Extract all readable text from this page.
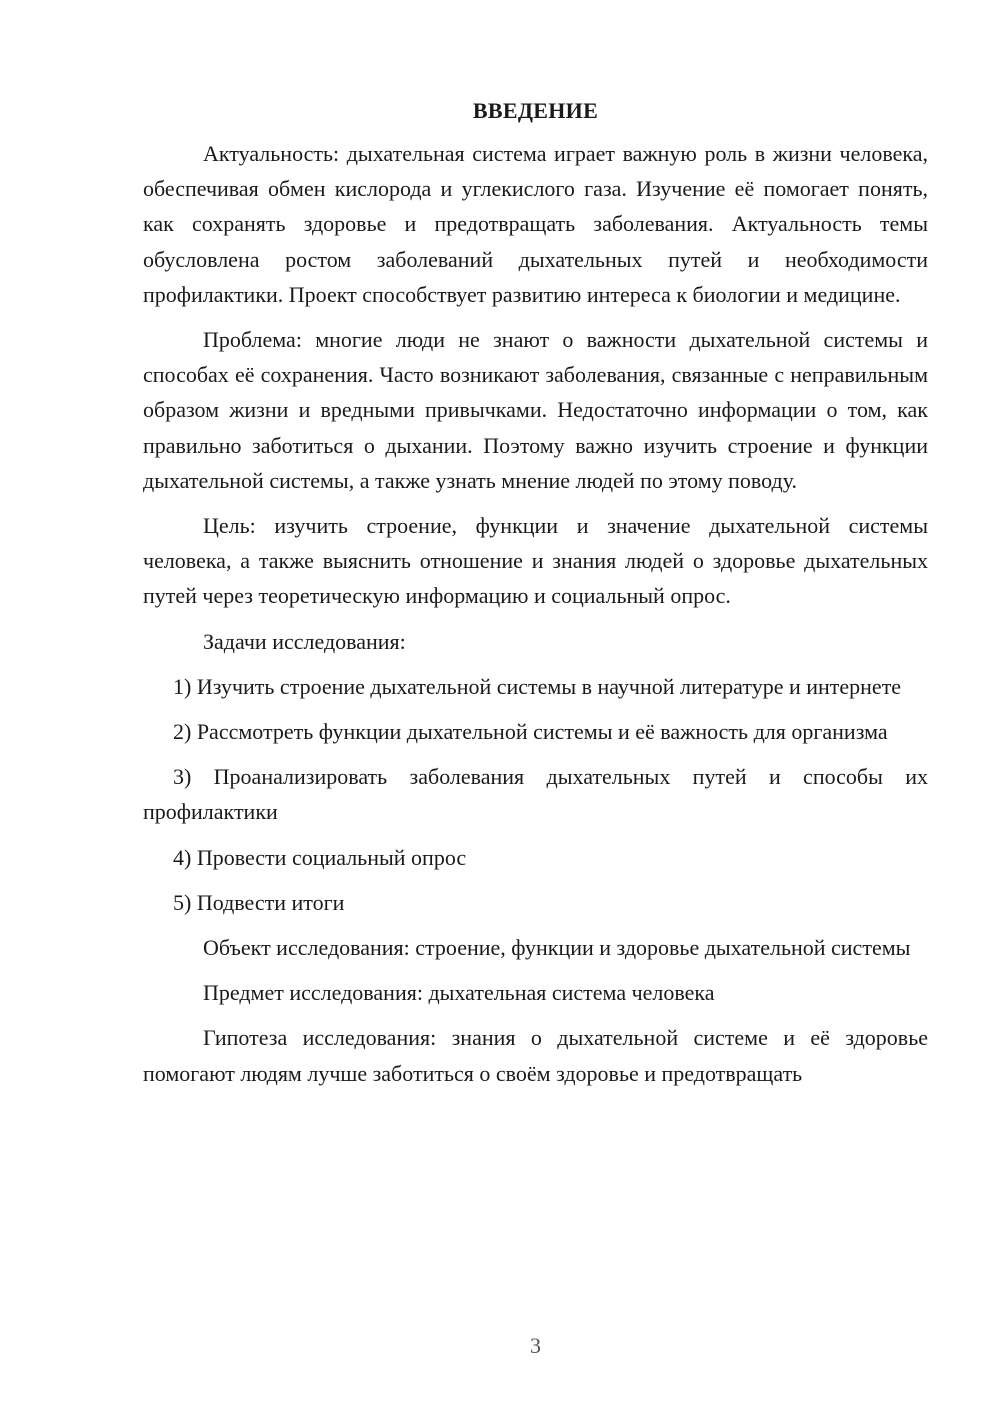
ВВЕДЕНИЕ

Актуальность: дыхательная система играет важную роль в жизни человека, обеспечивая обмен кислорода и углекислого газа. Изучение её помогает понять, как сохранять здоровье и предотвращать заболевания. Актуальность темы обусловлена ростом заболеваний дыхательных путей и необходимости профилактики. Проект способствует развитию интереса к биологии и медицине.

Проблема: многие люди не знают о важности дыхательной системы и способах её сохранения. Часто возникают заболевания, связанные с неправильным образом жизни и вредными привычками. Недостаточно информации о том, как правильно заботиться о дыхании. Поэтому важно изучить строение и функции дыхательной системы, а также узнать мнение людей по этому поводу.

Цель: изучить строение, функции и значение дыхательной системы человека, а также выяснить отношение и знания людей о здоровье дыхательных путей через теоретическую информацию и социальный опрос.

Задачи исследования:

1) Изучить строение дыхательной системы в научной литературе и интернете

2) Рассмотреть функции дыхательной системы и её важность для организма

3) Проанализировать заболевания дыхательных путей и способы их профилактики

4) Провести социальный опрос

5) Подвести итоги

Объект исследования: строение, функции и здоровье дыхательной системы

Предмет исследования: дыхательная система человека

Гипотеза исследования: знания о дыхательной системе и её здоровье помогают людям лучше заботиться о своём здоровье и предотвращать

3
